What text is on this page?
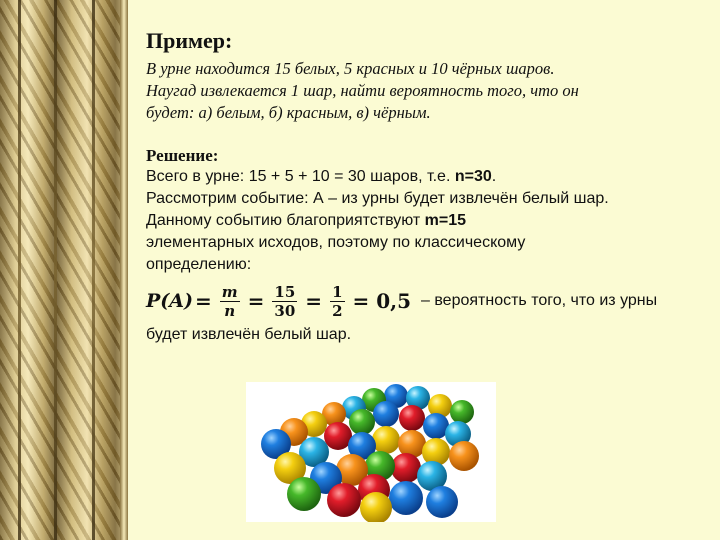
Пример:

В урне находится 15 белых, 5 красных и 10 чёрных шаров.

Наугад извлекается 1 шар, найти вероятность того, что он

будет: а) белым, б) красным, в) чёрным.

Решение:

Всего в урне: 15 + 5 + 10 = 30 шаров, т.е. n=30.

Рассмотрим событие: А – из урны будет извлечён белый шар.

Данному событию благоприятствуют m=15

элементарных исходов, поэтому по классическому

определению:

$P(A) = \frac{m}{n} = \frac{15}{30} = \frac{1}{2} = 0,5$ – вероятность того, что из урны

будет извлечён белый шар.
